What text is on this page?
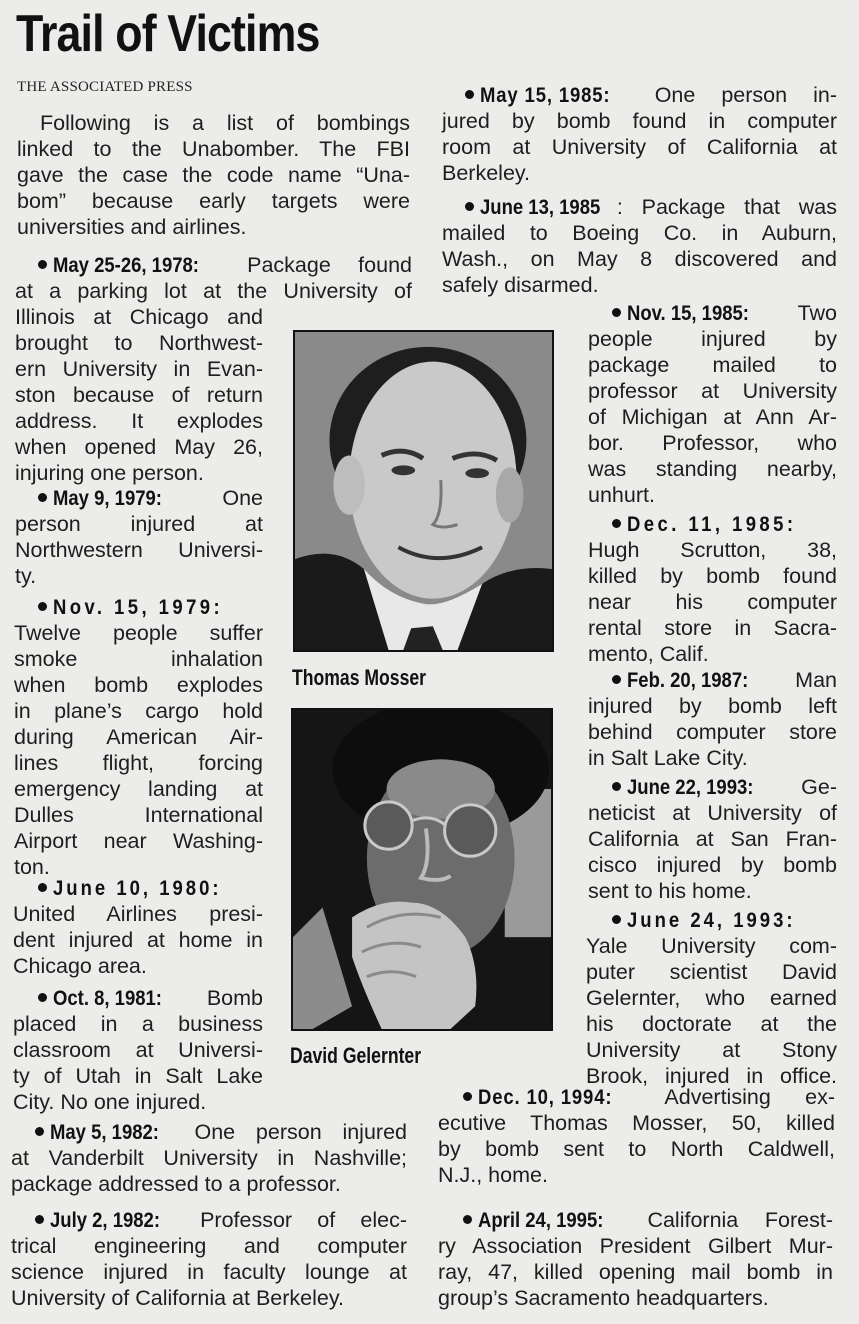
Trail of Victims
THE ASSOCIATED PRESS
Following is a list of bombings
linked to the Unabomber. The FBI
gave the case the code name “Una-
bom” because early targets were
universities and airlines.
May 25-26, 1978: Package found
at a parking lot at the University of
Illinois at Chicago and
brought to Northwest-
ern University in Evan-
ston because of return
address. It explodes
when opened May 26,
injuring one person.
May 9, 1979:	One
person injured at
Northwestern Universi-
ty.
Nov. 15, 1979:
Twelve people suffer
smoke inhalation
when bomb explodes
in plane’s cargo hold
during American Air-
lines flight, forcing
emergency landing at
Dulles International
Airport near Washing-
ton.
June 10, 1980:
United Airlines presi-
dent injured at home in
Chicago area.
Oct. 8, 1981: Bomb
placed in a business
classroom at Universi-
ty of Utah in Salt Lake
City. No one injured.
May 5, 1982: One person injured
at Vanderbilt University in Nashville;
package addressed to a professor.
July 2, 1982: Professor of elec-
trical engineering and computer
science injured in faculty lounge at
University of California at Berkeley.
May 15, 1985: One person in-
jured by bomb found in computer
room at University of California at
Berkeley.
June 13, 1985 : Package that was
mailed to Boeing Co. in Auburn,
Wash., on May 8 discovered and
safely disarmed.
Nov. 15, 1985: Two
people injured by
package mailed to
professor at University
of Michigan at Ann Ar-
bor. Professor, who
was standing nearby,
unhurt.
Dec. 11, 1985:
Hugh Scrutton, 38,
killed by bomb found
near his computer
rental store in Sacra-
mento, Calif.
Feb. 20, 1987: Man
injured by bomb left
behind computer store
in Salt Lake City.
June 22, 1993: Ge-
neticist at University of
California at San Fran-
cisco injured by bomb
sent to his home.
June 24, 1993:
Yale University com-
puter scientist David
Gelernter, who earned
his doctorate at the
University at Stony
Brook, injured in office.
Dec. 10, 1994: Advertising ex-
ecutive Thomas Mosser, 50, killed
by bomb sent to North Caldwell,
N.J., home.
April 24, 1995: California Forest-
ry Association President Gilbert Mur-
ray, 47, killed opening mail bomb in
group’s Sacramento headquarters.
Thomas Mosser
David Gelernter
